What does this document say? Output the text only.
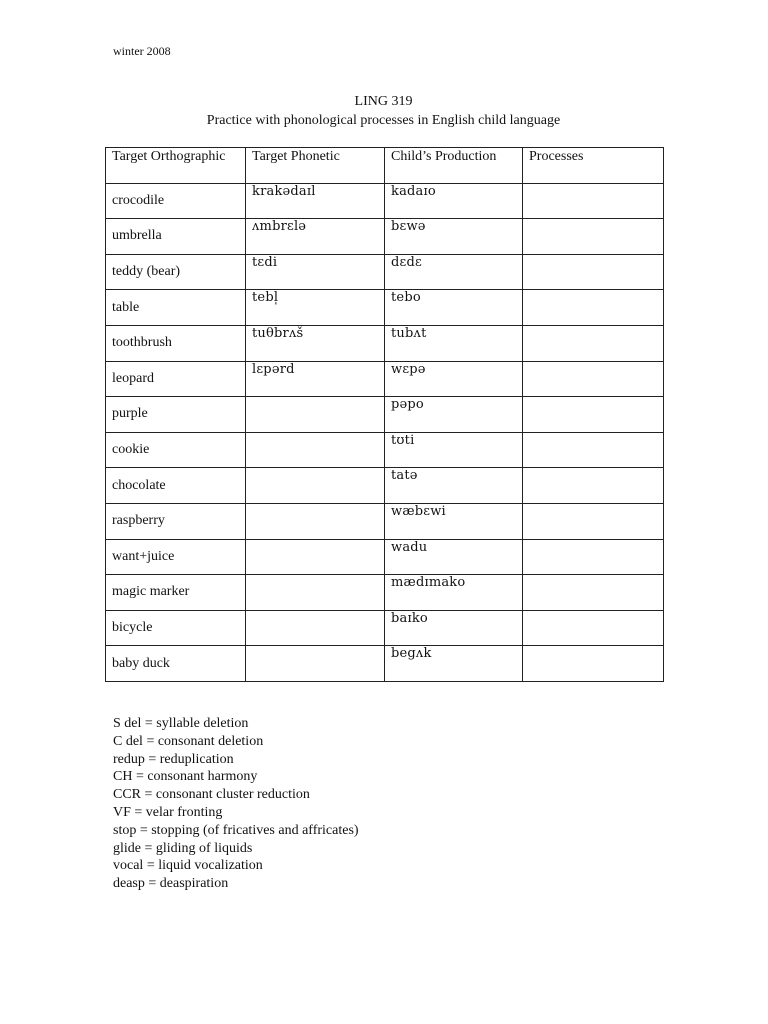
winter 2008
LING 319
Practice with phonological processes in English child language
Target Orthographic	Target Phonetic	Child’s Production	Processes
crocodile	krakədaɪl	kadaɪo	
umbrella	ʌmbrɛlə	bɛwə	
teddy (bear)	tɛdi	dɛdɛ	
table	tebl̩	tebo	
toothbrush	tuθbrʌš	tubʌt	
leopard	lɛpərd	wɛpə	
purple		pəpo	
cookie		tʊti	
chocolate		tatə	
raspberry		wæbɛwi	
want+juice		wadu	
magic marker		mædɪmako	
bicycle		baɪko	
baby duck		begʌk	
S del = syllable deletion
C del = consonant deletion
redup = reduplication
CH = consonant harmony
CCR = consonant cluster reduction
VF = velar fronting
stop = stopping (of fricatives and affricates)
glide = gliding of liquids
vocal = liquid vocalization
deasp = deaspiration
